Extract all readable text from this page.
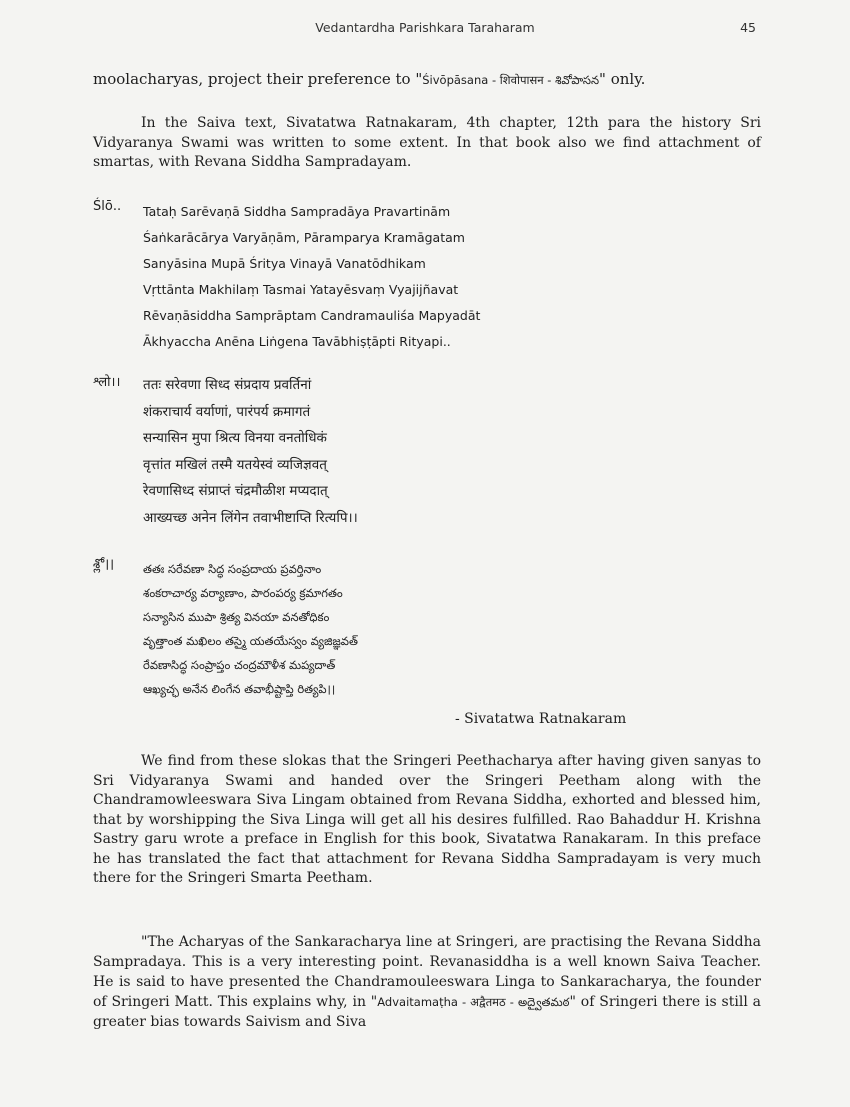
Vedantardha Parishkara Taraharam	45

moolacharyas, project their preference to "Śivōpāsana - शिवोपासन - శివోపాసన" only.

In the Saiva text, Sivatatwa Ratnakaram, 4th chapter, 12th para the history Sri Vidyaranya Swami was written to some extent. In that book also we find attachment of smartas, with Revana Siddha Sampradayam.

Ślō.. Tataḥ Sarēvaṇā Siddha Sampradāya Pravartinām
Śaṅkarācārya Varyāṇām, Pāramparya Kramāgatam
Sanyāsina Mupā Śritya Vinayā Vanatōdhikam
Vṛttānta Makhilaṃ Tasmai Yatayēsvaṃ Vyajijñavat
Rēvaṇāsiddha Samprāptam Candramauliśa Mapyadāt
Ākhyaccha Anēna Liṅgena Tavābhiṣṭāpti Rityapi..
श्लो।। ततः सरेवणा सिध्द संप्रदाय प्रवर्तिनां
शंकराचार्य वर्याणां, पारंपर्य क्रमागतं
सन्यासिन मुपा श्रित्य विनया वनतोधिकं
वृत्तांत मखिलं तस्मै यतयेस्वं व्यजिज्ञवत्
रेवणासिध्द संप्राप्तं चंद्रमौळीश मप्यदात्
आख्यच्छ अनेन लिंगेन तवाभीष्टाप्ति रित्यपि।।
శ్లో।।	తతః సరేవణా సిద్ధ సంప్రదాయ ప్రవర్తినాం
శంకరాచార్య వర్యాణాం, పారంపర్య క్రమాగతం
సన్యాసిన ముపా శ్రిత్య వినయా వనతోధికం
వృత్తాంత మఖిలం తస్మై యతయేస్వం వ్యజిజ్ఞవత్
రేవణాసిద్ధ సంప్రాప్తం చంద్రమౌళీశ మప్యదాత్
ఆఖ్యచ్ఛ అనేన లింగేన తవాభీష్టాప్తి రిత్యపి।।
- Sivatatwa Ratnakaram

We find from these slokas that the Sringeri Peethacharya after having given sanyas to Sri Vidyaranya Swami and handed over the Sringeri Peetham along with the Chandramowleeswara Siva Lingam obtained from Revana Siddha, exhorted and blessed him, that by worshipping the Siva Linga will get all his desires fulfilled. Rao Bahaddur H. Krishna Sastry garu wrote a preface in English for this book, Sivatatwa Ranakaram. In this preface he has translated the fact that attachment for Revana Siddha Sampradayam is very much there for the Sringeri Smarta Peetham.

"The Acharyas of the Sankaracharya line at Sringeri, are practising the Revana Siddha Sampradaya. This is a very interesting point. Revanasiddha is a well known Saiva Teacher. He is said to have presented the Chandramouleeswara Linga to Sankaracharya, the founder of Sringeri Matt. This explains why, in "Advaitamaṭha - अद्वैतमठ - అద్వైతమఠ" of Sringeri there is still a greater bias towards Saivism and Siva
